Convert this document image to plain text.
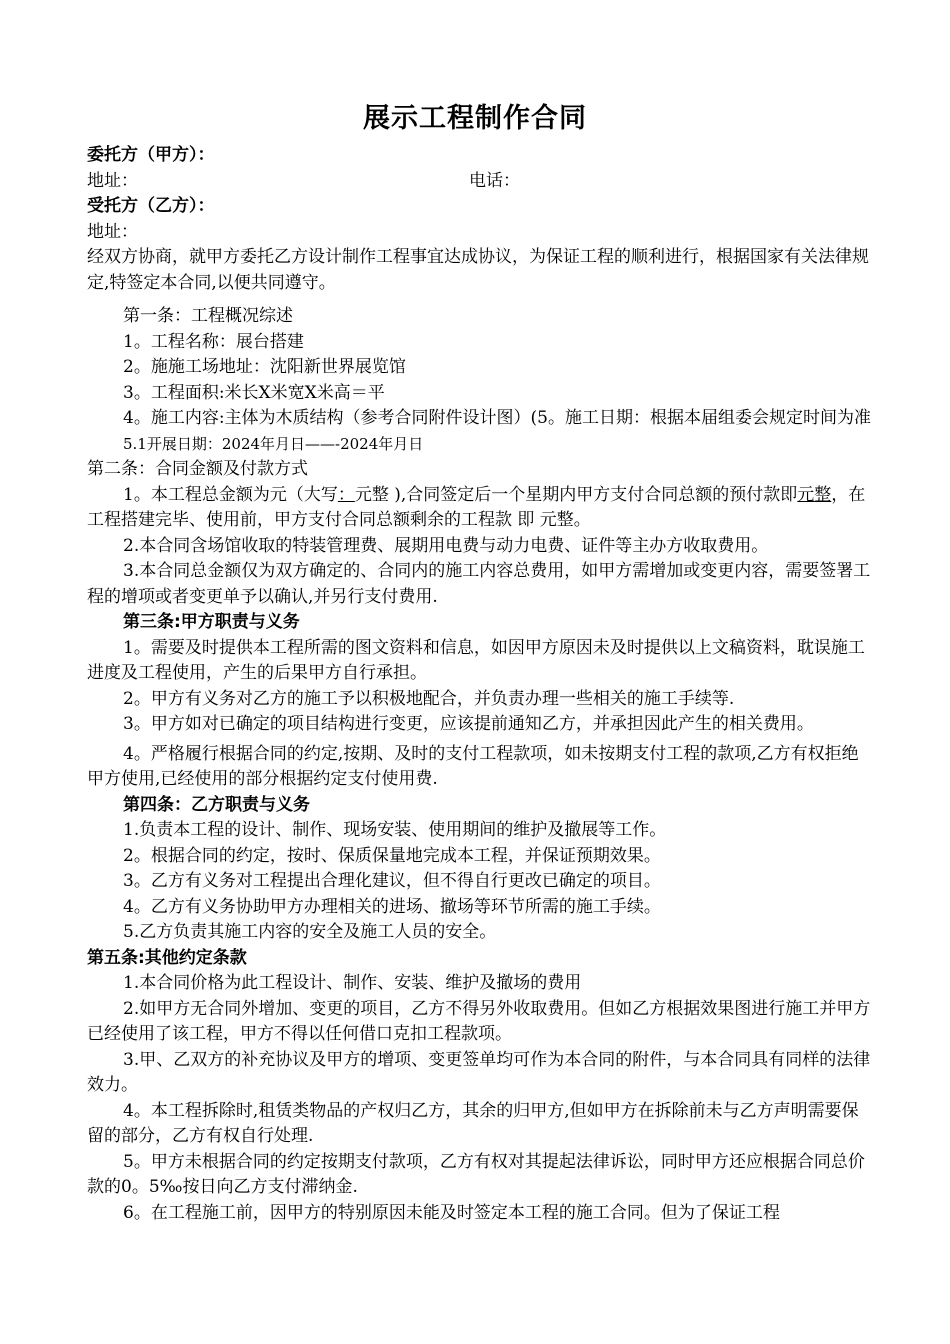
展示工程制作合同
委托方（甲方）：
地址：	电话：
受托方（乙方）：
地址：
经双方协商，就甲方委托乙方设计制作工程事宜达成协议，为保证工程的顺利进行，根据国家有关法律规定,特签定本合同,以便共同遵守。
第一条：工程概况综述
1。工程名称：展台搭建
2。施施工场地址：沈阳新世界展览馆
3。工程面积:米长X米宽X米高＝平
4。施工内容:主体为木质结构（参考合同附件设计图）(5。施工日期：根据本届组委会规定时间为准
5.1开展日期：2024年月日——-2024年月日
第二条：合同金额及付款方式
1。本工程总金额为元（大写：元整 ),合同签定后一个星期内甲方支付合同总额的预付款即元整，在工程搭建完毕、使用前，甲方支付合同总额剩余的工程款 即 元整。
2.本合同含场馆收取的特装管理费、展期用电费与动力电费、证件等主办方收取费用。
3.本合同总金额仅为双方确定的、合同内的施工内容总费用，如甲方需增加或变更内容，需要签署工程的增项或者变更单予以确认,并另行支付费用.
第三条:甲方职责与义务
1。需要及时提供本工程所需的图文资料和信息，如因甲方原因未及时提供以上文稿资料，耽误施工进度及工程使用，产生的后果甲方自行承担。
2。甲方有义务对乙方的施工予以积极地配合，并负责办理一些相关的施工手续等.
3。甲方如对已确定的项目结构进行变更，应该提前通知乙方，并承担因此产生的相关费用。
4。严格履行根据合同的约定,按期、及时的支付工程款项，如未按期支付工程的款项,乙方有权拒绝甲方使用,已经使用的部分根据约定支付使用费.
第四条：乙方职责与义务
1.负责本工程的设计、制作、现场安装、使用期间的维护及撤展等工作。
2。根据合同的约定，按时、保质保量地完成本工程，并保证预期效果。
3。乙方有义务对工程提出合理化建议，但不得自行更改已确定的项目。
4。乙方有义务协助甲方办理相关的进场、撤场等环节所需的施工手续。
5.乙方负责其施工内容的安全及施工人员的安全。
第五条:其他约定条款
1.本合同价格为此工程设计、制作、安装、维护及撤场的费用
2.如甲方无合同外增加、变更的项目，乙方不得另外收取费用。但如乙方根据效果图进行施工并甲方已经使用了该工程，甲方不得以任何借口克扣工程款项。
3.甲、乙双方的补充协议及甲方的增项、变更签单均可作为本合同的附件，与本合同具有同样的法律效力。
4。本工程拆除时,租赁类物品的产权归乙方，其余的归甲方,但如甲方在拆除前未与乙方声明需要保留的部分，乙方有权自行处理.
5。甲方未根据合同的约定按期支付款项，乙方有权对其提起法律诉讼，同时甲方还应根据合同总价款的0。5‰按日向乙方支付滞纳金.
6。在工程施工前，因甲方的特别原因未能及时签定本工程的施工合同。但为了保证工程
